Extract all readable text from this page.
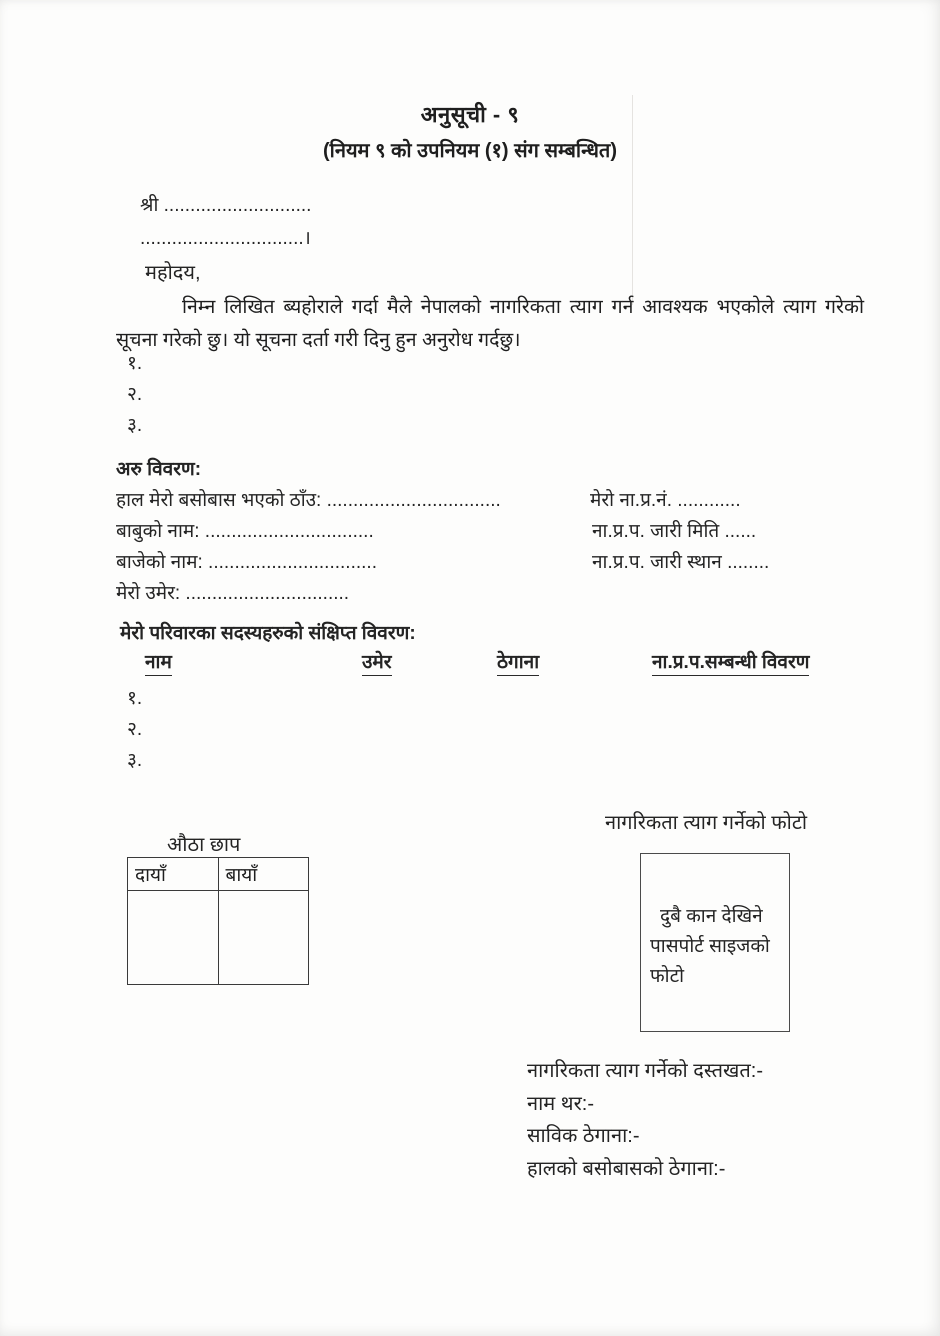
अनुसूची - ९
(नियम ९ को उपनियम (१) संग सम्बन्धित)
श्री ............................
...............................।
महोदय,
निम्न लिखित ब्यहोराले गर्दा मैले नेपालको नागरिकता त्याग गर्न आवश्यक भएकोले त्याग गरेको सूचना गरेको छु। यो सूचना दर्ता गरी दिनु हुन अनुरोध गर्दछु।
१.
२.
३.
अरु विवरण:
हाल मेरो बसोबास भएको ठाँउ: .................................	मेरो ना.प्र.नं. ............
बाबुको नाम: ................................	ना.प्र.प. जारी मिति ......
बाजेको नाम: ................................	ना.प्र.प. जारी स्थान ........
मेरो उमेर: ...............................
मेरो परिवारका सदस्यहरुको संक्षिप्त विवरण:
नाम	उमेर	ठेगाना	ना.प्र.प.सम्बन्धी विवरण
१.
२.
३.
नागरिकता त्याग गर्नेको फोटो
औठा छाप
दायाँ	बायाँ
दुबै कान देखिने पासपोर्ट साइजको फोटो
नागरिकता त्याग गर्नेको दस्तखत:-
नाम थर:-
साविक ठेगाना:-
हालको बसोबासको ठेगाना:-
